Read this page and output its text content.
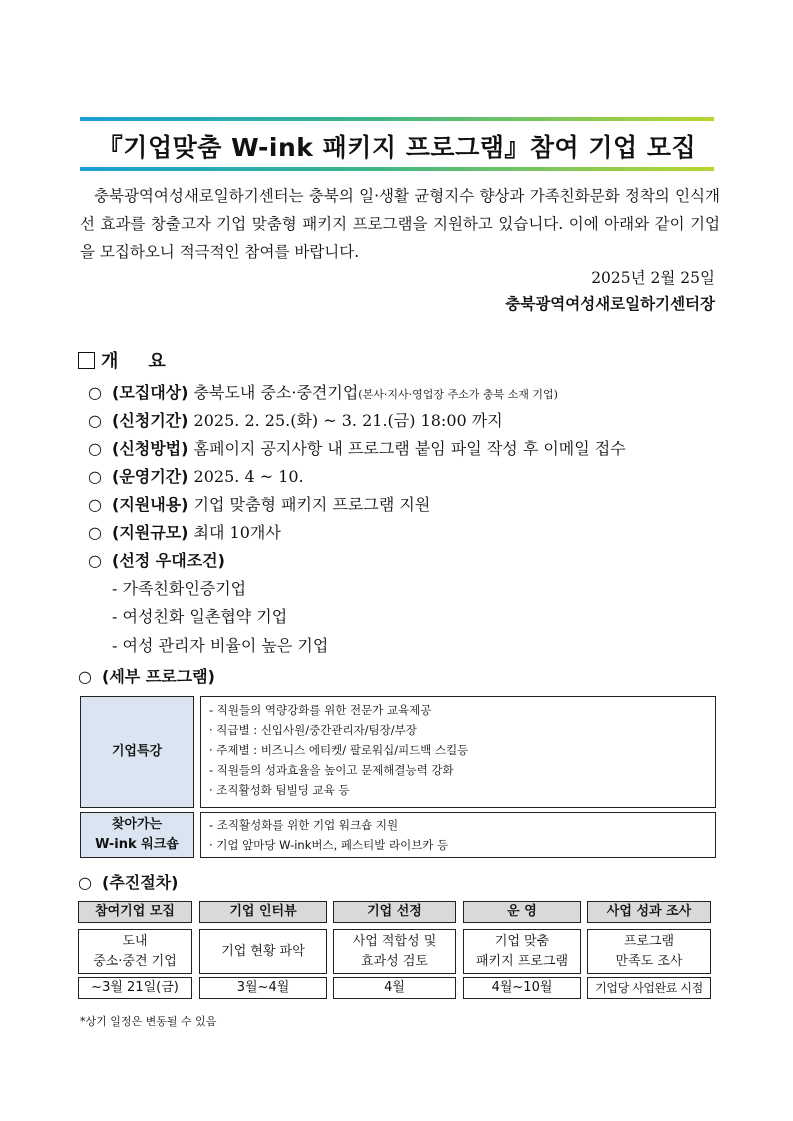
『기업맞춤 W-ink 패키지 프로그램』참여 기업 모집
충북광역여성새로일하기센터는 충북의 일·생활 균형지수 향상과 가족친화문화 정착의 인식개선 효과를 창출고자 기업 맞춤형 패키지 프로그램을 지원하고 있습니다. 이에 아래와 같이 기업을 모집하오니 적극적인 참여를 바랍니다.
2025년 2월 25일
충북광역여성새로일하기센터장
개 요
○ (모집대상) 충북도내 중소·중견기업(본사·지사·영업장 주소가 충북 소재 기업)
○ (신청기간) 2025. 2. 25.(화) ~ 3. 21.(금) 18:00 까지
○ (신청방법) 홈페이지 공지사항 내 프로그램 붙임 파일 작성 후 이메일 접수
○ (운영기간) 2025. 4 ~ 10.
○ (지원내용) 기업 맞춤형 패키지 프로그램 지원
○ (지원규모) 최대 10개사
○ (선정 우대조건)
- 가족친화인증기업
- 여성친화 일촌협약 기업
- 여성 관리자 비율이 높은 기업
○ (세부 프로그램)
기업특강
- 직원들의 역량강화를 위한 전문가 교육제공
· 직급별 : 신입사원/중간관리자/팀장/부장
· 주제별 : 비즈니스 에티켓/ 팔로워십/피드백 스킬등
- 직원들의 성과효율을 높이고 문제해결능력 강화
· 조직활성화 팀빌딩 교육 등
찾아가는
W-ink 워크숍
- 조직활성화를 위한 기업 워크숍 지원
· 기업 앞마당 W-ink버스, 페스티발 라이브카 등
○ (추진절차)
참여기업 모집
도내
중소·중견 기업
~3월 21일(금)
기업 인터뷰
기업 현황 파악
3월~4월
기업 선정
사업 적합성 및
효과성 검토
4월
운 영
기업 맞춤
패키지 프로그램
4월~10월
사업 성과 조사
프로그램
만족도 조사
기업당 사업완료 시점
*상기 일정은 변동될 수 있음
